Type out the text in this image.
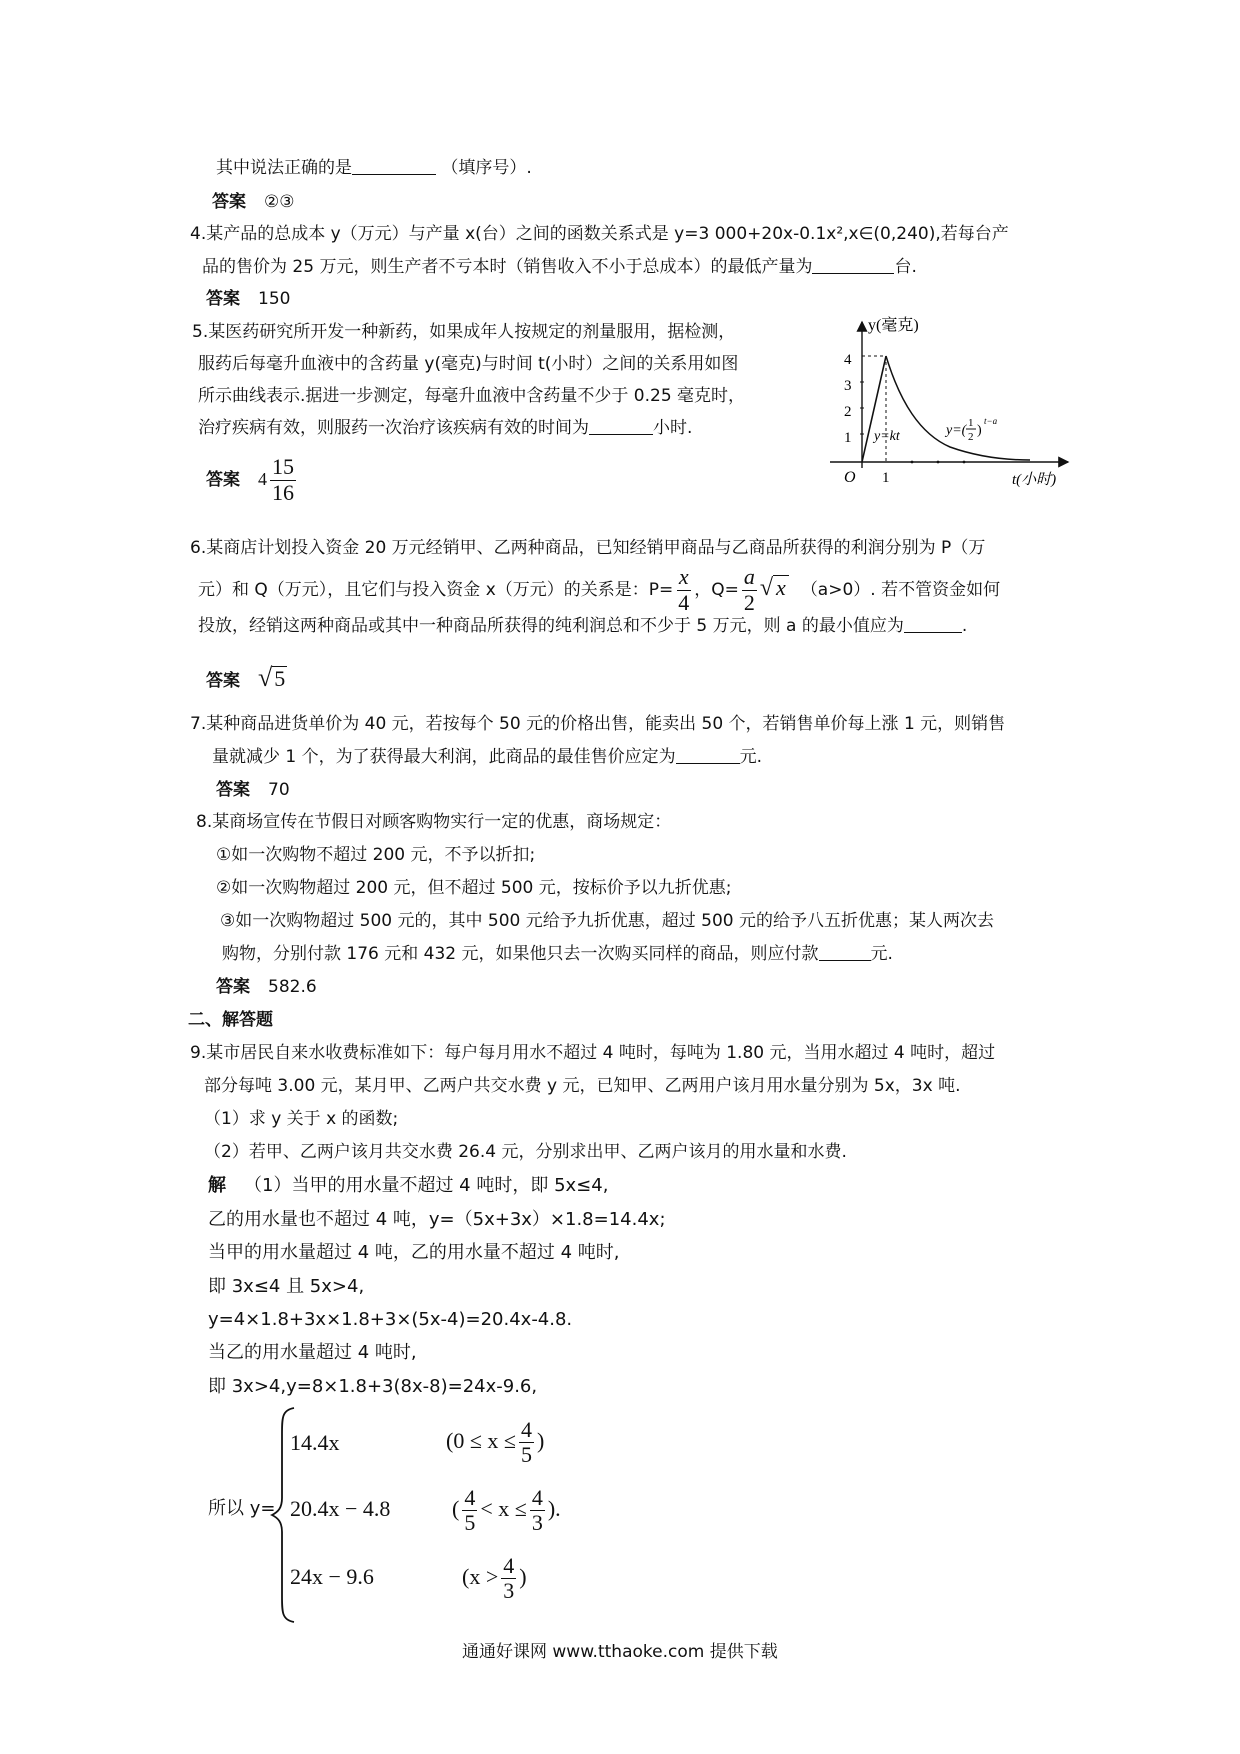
其中说法正确的是	（填序号）.
答案 ②③
4.某产品的总成本 y（万元）与产量 x(台）之间的函数关系式是 y=3 000+20x-0.1x²,x∈(0,240),若每台产
品的售价为 25 万元，则生产者不亏本时（销售收入不小于总成本）的最低产量为	台.
答案 150
5.某医药研究所开发一种新药，如果成年人按规定的剂量服用，据检测，
服药后每毫升血液中的含药量 y(毫克)与时间 t(小时）之间的关系用如图
所示曲线表示.据进一步测定，每毫升血液中含药量不少于 0.25 毫克时，
治疗疾病有效，则服药一次治疗该疾病有效的时间为	小时.
答案 $4 \frac{15}{16}$
y(毫克)
t(小时)
O
1
2
3
4
1
y=kt	y=( 1
2 )
t−a
6.某商店计划投入资金 20 万元经销甲、乙两种商品，已知经销甲商品与乙商品所获得的利润分别为 P（万
元）和 Q（万元），且它们与投入资金 x（万元）的关系是：$P= \frac{x}{4}$ ，$Q= \frac{a}{2}$ √ x （a>0）. 若不管资金如何
投放，经销这两种商品或其中一种商品所获得的纯利润总和不少于 5 万元，则 a 的最小值应为	.
答案 √5
7.某种商品进货单价为 40 元，若按每个 50 元的价格出售，能卖出 50 个，若销售单价每上涨 1 元，则销售
量就减少 1 个，为了获得最大利润，此商品的最佳售价应定为	元.
答案 70
8.某商场宣传在节假日对顾客购物实行一定的优惠，商场规定：
①如一次购物不超过 200 元，不予以折扣;
②如一次购物超过 200 元，但不超过 500 元，按标价予以九折优惠;
③如一次购物超过 500 元的，其中 500 元给予九折优惠，超过 500 元的给予八五折优惠；某人两次去
购物，分别付款 176 元和 432 元，如果他只去一次购买同样的商品，则应付款	元.
答案 582.6
二、解答题
9.某市居民自来水收费标准如下：每户每月用水不超过 4 吨时，每吨为 1.80 元，当用水超过 4 吨时，超过
部分每吨 3.00 元，某月甲、乙两户共交水费 y 元，已知甲、乙两用户该月用水量分别为 5x，3x 吨.
（1）求 y 关于 x 的函数;
（2）若甲、乙两户该月共交水费 26.4 元，分别求出甲、乙两户该月的用水量和水费.
解 （1）当甲的用水量不超过 4 吨时，即 5x≤4,
乙的用水量也不超过 4 吨，y=（5x+3x）×1.8=14.4x;
当甲的用水量超过 4 吨，乙的用水量不超过 4 吨时,
即 3x≤4 且 5x>4,
y=4×1.8+3x×1.8+3×(5x-4)=20.4x-4.8.
当乙的用水量超过 4 吨时,
即 3x>4,y=8×1.8+3(8x-8)=24x-9.6,
所以 y=
14.4x	($0 \le x \le \frac{4}{5}$ )
20.4x − 4.8	( $\frac{4}{5} < x \le \frac{4}{3}$ ).
24x − 9.6	($x > \frac{4}{3}$ )
通通好课网 www.tthaoke.com 提供下载
